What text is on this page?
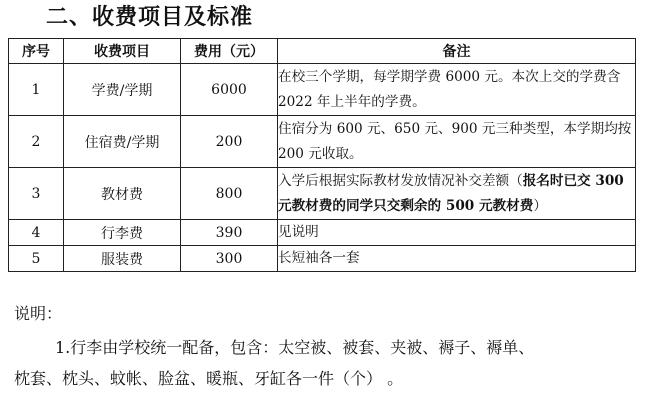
二、收费项目及标准
序号	收费项目	费用（元）	备注
1	学费/学期	6000	在校三个学期，每学期学费 6000 元。本次上交的学费含 2022 年上半年的学费。
2	住宿费/学期	200	住宿分为 600 元、650 元、900 元三种类型，本学期均按 200 元收取。
3	教材费	800	入学后根据实际教材发放情况补交差额（报名时已交 300 元教材费的同学只交剩余的 500 元教材费）
4	行李费	390	见说明
5	服装费	300	长短袖各一套

说明：

1.行李由学校统一配备，包含：太空被、被套、夹被、褥子、褥单、

枕套、枕头、蚊帐、脸盆、暖瓶、牙缸各一件（个） 。
